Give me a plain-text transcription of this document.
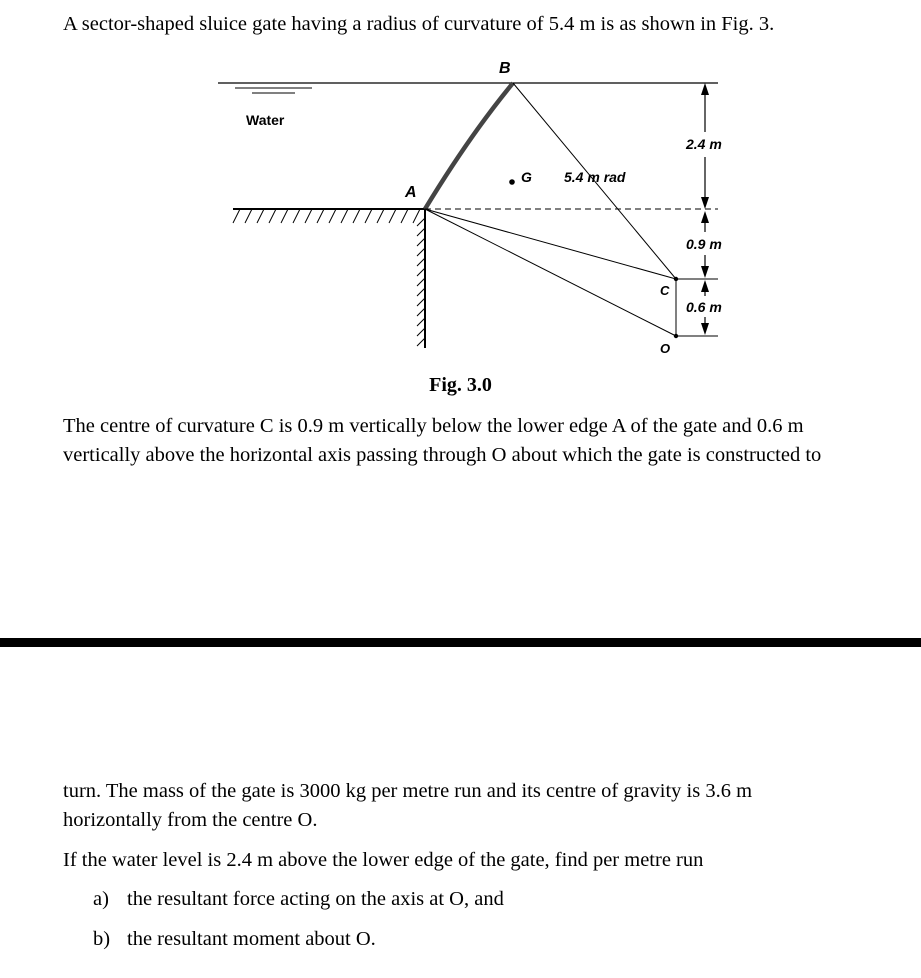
A sector-shaped sluice gate having a radius of curvature of 5.4 m is as shown in Fig. 3.
Water
B
A
G 5.4 m rad
C
O
2.4 m
0.9 m
0.6 m
Fig. 3.0
The centre of curvature C is 0.9 m vertically below the lower edge A of the gate and 0.6 m
vertically above the horizontal axis passing through O about which the gate is constructed to
turn. The mass of the gate is 3000 kg per metre run and its centre of gravity is 3.6 m
horizontally from the centre O.
If the water level is 2.4 m above the lower edge of the gate, find per metre run
a) the resultant force acting on the axis at O, and
b) the resultant moment about O.
